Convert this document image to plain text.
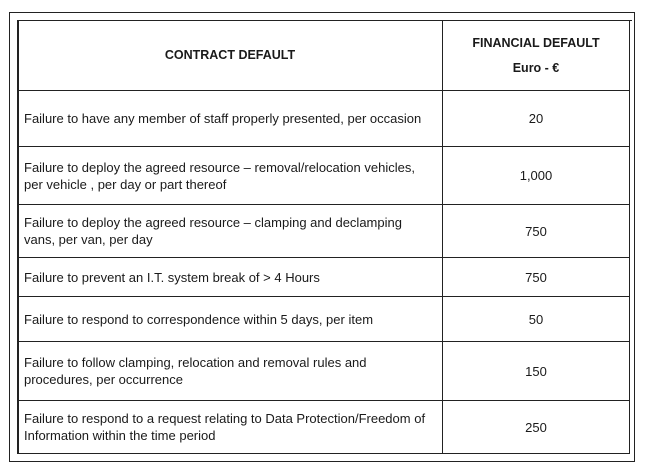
CONTRACT DEFAULT	FINANCIAL DEFAULT
Euro - €

Failure to have any member of staff properly presented, per occasion	20
Failure to deploy the agreed resource – removal/relocation vehicles, per vehicle , per day or part thereof	1,000
Failure to deploy the agreed resource – clamping and declamping vans, per van, per day	750
Failure to prevent an I.T. system break of > 4 Hours	750
Failure to respond to correspondence within 5 days, per item	50
Failure to follow clamping, relocation and removal rules and procedures, per occurrence	150
Failure to respond to a request relating to Data Protection/Freedom of Information within the time period	250
